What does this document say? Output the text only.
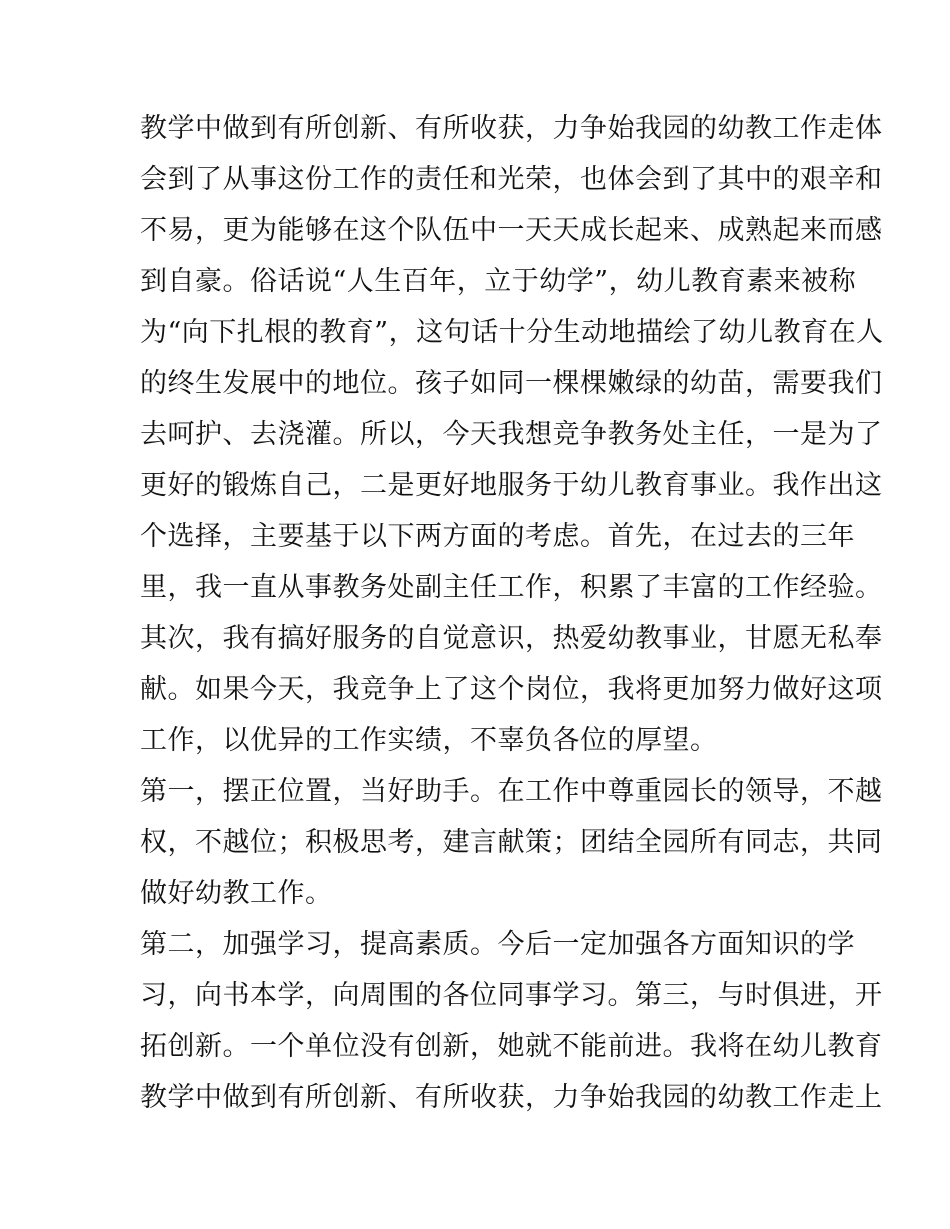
教学中做到有所创新、有所收获，力争始我园的幼教工作走体
会到了从事这份工作的责任和光荣，也体会到了其中的艰辛和
不易，更为能够在这个队伍中一天天成长起来、成熟起来而感
到自豪。俗话说“人生百年，立于幼学”，幼儿教育素来被称
为“向下扎根的教育”，这句话十分生动地描绘了幼儿教育在人
的终生发展中的地位。孩子如同一棵棵嫩绿的幼苗，需要我们
去呵护、去浇灌。所以，今天我想竞争教务处主任，一是为了
更好的锻炼自己，二是更好地服务于幼儿教育事业。我作出这
个选择，主要基于以下两方面的考虑。首先，在过去的三年
里，我一直从事教务处副主任工作，积累了丰富的工作经验。
其次，我有搞好服务的自觉意识，热爱幼教事业，甘愿无私奉
献。如果今天，我竞争上了这个岗位，我将更加努力做好这项
工作，以优异的工作实绩，不辜负各位的厚望。
第一，摆正位置，当好助手。在工作中尊重园长的领导，不越
权，不越位；积极思考，建言献策；团结全园所有同志，共同
做好幼教工作。
第二，加强学习，提高素质。今后一定加强各方面知识的学
习，向书本学，向周围的各位同事学习。第三，与时俱进，开
拓创新。一个单位没有创新，她就不能前进。我将在幼儿教育
教学中做到有所创新、有所收获，力争始我园的幼教工作走上
